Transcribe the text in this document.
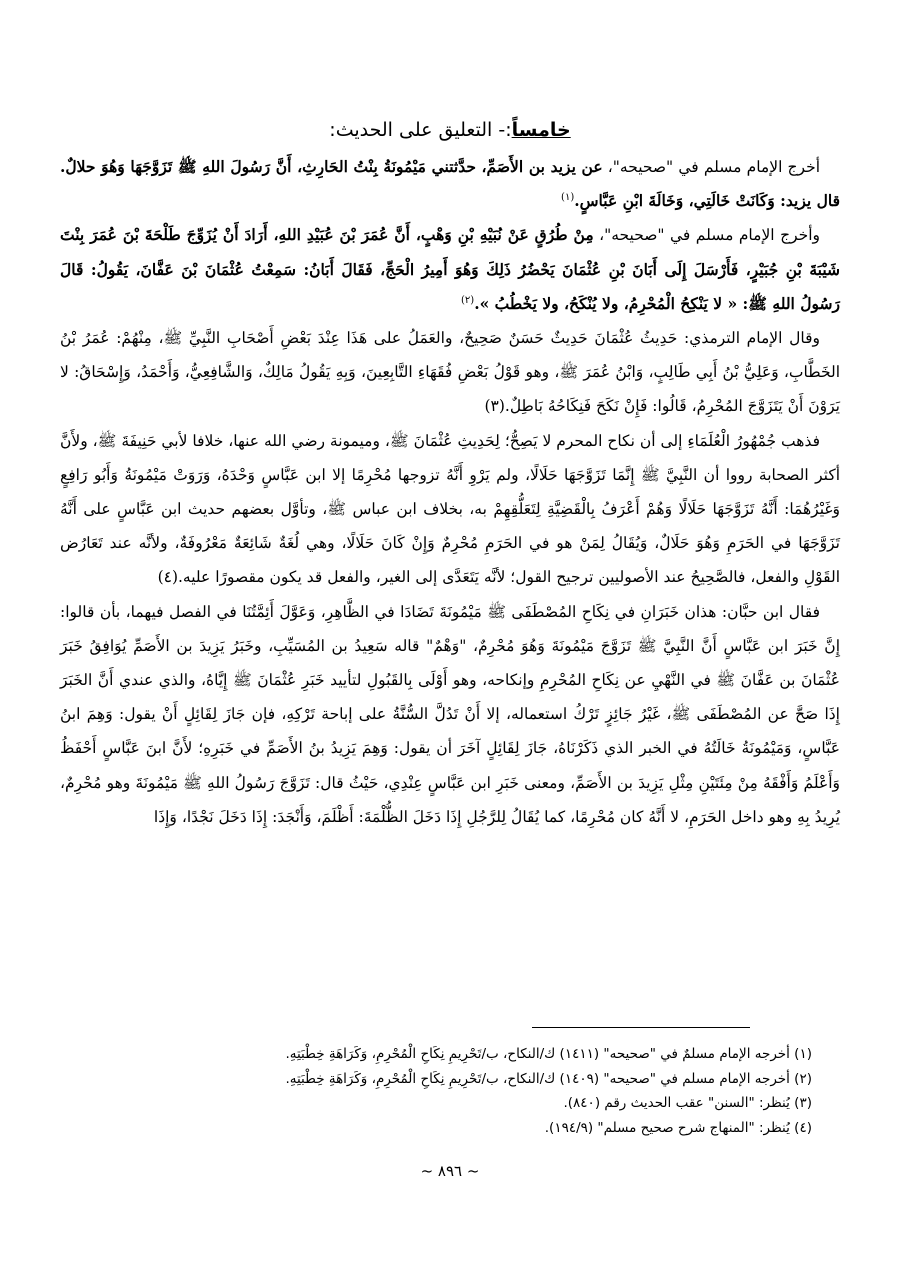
خامساً:- التعليق على الحديث:

أخرج الإمام مسلم في "صحيحه"، عن يزيد بن الأَصَمِّ، حدَّثتني مَيْمُونَةُ بِنْتُ الحَارِثِ، أَنَّ رَسُولَ اللهِ ﷺ تَزَوَّجَهَا وَهُوَ حلالٌ. قال يزيد: وَكَانَتْ خَالَتِي، وَخَالَةَ ابْنِ عَبَّاسٍ.$^{(١)}$

وأخرج الإمام مسلم في "صحيحه"، مِنْ طُرُقٍ عَنْ نُبَيْهِ بْنِ وَهْبٍ، أَنَّ عُمَرَ بْنَ عُبَيْدِ اللهِ، أَرَادَ أَنْ يُزَوِّجَ طَلْحَةَ بْنَ عُمَرَ بِنْتَ شَيْبَةَ بْنِ جُبَيْرٍ، فَأَرْسَلَ إِلَى أَبَانَ بْنِ عُثْمَانَ يَحْضُرُ ذَلِكَ وَهُوَ أَمِيرُ الْحَجِّ، فَقَالَ أَبَانُ: سَمِعْتُ عُثْمَانَ بْنَ عَفَّانَ، يَقُولُ: قَالَ رَسُولُ اللهِ ﷺ: « لا يَنْكِحُ الْمُحْرِمُ، ولا يُنْكَحُ، ولا يَخْطُبُ ».$^{(٢)}$

وقال الإمام الترمذي: حَدِيثُ عُثْمَانَ حَدِيثٌ حَسَنٌ صَحِيحٌ، والعَمَلُ على هَذَا عِنْدَ بَعْضِ أَصْحَابِ النَّبِيِّ ﷺ، مِنْهُمْ: عُمَرُ بْنُ الخَطَّابِ، وَعَلِيُّ بْنُ أَبِي طَالِبٍ، وَابْنُ عُمَرَ ﷺ، وهو قَوْلُ بَعْضِ فُقَهَاءِ التَّابِعِينَ، وَبِهِ يَقُولُ مَالِكٌ، وَالشَّافِعِيُّ، وَأَحْمَدُ، وَإِسْحَاقُ: لا يَرَوْنَ أَنْ يَتَزَوَّجَ المُحْرِمُ، قَالُوا: فَإِنْ نَكَحَ فَنِكَاحُهُ بَاطِلٌ.(٣)

فذهب جُمْهُورُ الْعُلَمَاءِ إلى أن نكاح المحرم لا يَصِحُّ؛ لِحَدِيثِ عُثْمَانَ ﷺ، وميمونة رضي الله عنها، خلافا لأبي حَنِيفَةَ ﷺ، ولأَنَّ أكثر الصحابة رووا أن النَّبِيَّ ﷺ إِنَّمَا تَزَوَّجَهَا حَلَالًا، ولم يَرْوِ أَنَّهُ تزوجها مُحْرِمًا إلا ابن عَبَّاسٍ وَحْدَهُ، وَرَوَتْ مَيْمُونَةُ وَأَبُو رَافِعٍ وَغَيْرُهُمَا: أَنَّهُ تَزَوَّجَهَا حَلَالًا وَهُمْ أَعْرَفُ بِالْقَضِيَّةِ لِتَعَلُّقِهِمْ به، بخلاف ابن عباس ﷺ، وتأوَّل بعضهم حديث ابن عَبَّاسٍ على أَنَّهُ تَزَوَّجَهَا في الحَرَمِ وَهُوَ حَلَالٌ، وَيُقَالُ لِمَنْ هو في الحَرَمِ مُحْرِمٌ وَإِنْ كَانَ حَلَالًا، وهي لُغَةٌ شَائِعَةٌ مَعْرُوفَةٌ، ولأنَّه عند تَعَارُض القَوْلِ والفعل، فالصَّحِيحُ عند الأصوليين ترجيح القول؛ لأنَّه يَتَعَدَّى إلى الغير، والفعل قد يكون مقصورًا عليه.(٤)

فقال ابن حبَّان: هذان خَبَرَانِ في نِكَاحِ المُصْطَفَى ﷺ مَيْمُونَةَ تَضَادَا في الظَّاهِرِ، وَعَوَّلَ أَئِمَّتُنَا في الفصل فيهما، بأن قالوا: إِنَّ خَبَرَ ابن عَبَّاسٍ أَنَّ النَّبِيَّ ﷺ تَزَوَّجَ مَيْمُونَةَ وَهُوَ مُحْرِمٌ، "وَهْمٌ" قاله سَعِيدُ بن المُسَيِّبِ، وخَبَرُ يَزِيدَ بن الأَصَمِّ يُوَافِقُ خَبَرَ عُثْمَانَ بن عَفَّانَ ﷺ في النَّهْيِ عن نِكَاحِ المُحْرِمِ وإنكاحه، وهو أَوْلَى بِالقَبُولِ لتأييد خَبَرِ عُثْمَانَ ﷺ إِيَّاهُ، والذي عندي أَنَّ الخَبَرَ إِذَا صَحَّ عن المُصْطَفَى ﷺ، غَيْرُ جَائِزٍ تَرْكُ استعماله، إلا أَنْ تَدُلَّ السُّنَّةُ على إباحة تَرْكِهِ، فإن جَازَ لِقَائِلٍ أَنْ يقول: وَهِمَ ابنُ عَبَّاسٍ، وَمَيْمُونَةُ خَالَتُهُ في الخبر الذي ذَكَرْنَاهُ، جَازَ لِقَائِلٍ آخَرَ أن يقول: وَهِمَ يَزِيدُ بنُ الأَصَمِّ في خَبَرِهِ؛ لأَنَّ ابنَ عَبَّاسٍ أَحْفَظُ وَأَعْلَمُ وَأَفْقَهُ مِنْ مِئَتَيْنِ مِثْلِ يَزِيدَ بن الأَصَمِّ، ومعنى خَبَرِ ابن عَبَّاسٍ عِنْدِي، حَيْثُ قال: تَزَوَّجَ رَسُولُ اللهِ ﷺ مَيْمُونَةَ وهو مُحْرِمٌ، يُرِيدُ بِهِ وهو داخل الحَرَمِ، لا أَنَّهُ كان مُحْرِمًا، كما يُقَالُ لِلرَّجُلِ إِذَا دَخَلَ الظُّلْمَةَ: أَظْلَمَ، وَأَنْجَدَ: إِذَا دَخَلَ نَجْدًا، وَإِذَا

(١) أخرجه الإمام مسلمٌ في "صحيحه" (١٤١١) ك/النكاح، ب/تَحْرِيمِ نِكَاحِ الْمُحْرِمِ، وَكَرَاهَةِ خِطْبَتِهِ.
(٢) أخرجه الإمام مسلم في "صحيحه" (١٤٠٩) ك/النكاح، ب/تَحْرِيمِ نِكَاحِ الْمُحْرِمِ، وَكَرَاهَةِ خِطْبَتِهِ.
(٣) يُنظر: "السنن" عقب الحديث رقم (٨٤٠).
(٤) يُنظر: "المنهاج شرح صحيح مسلم" (١٩٤/٩).
~ ٨٩٦ ~
